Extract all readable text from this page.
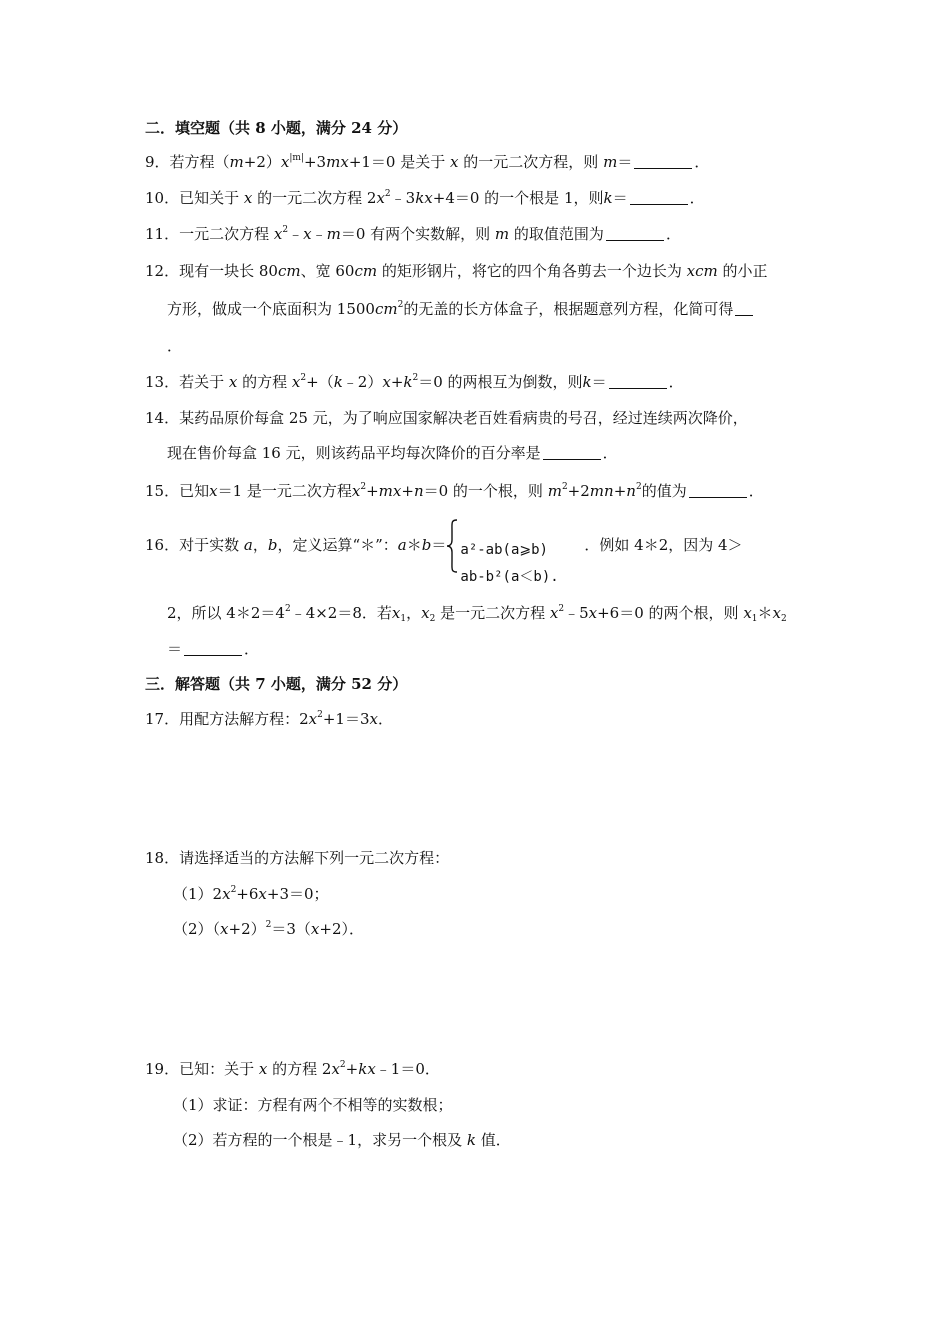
二．填空题（共 8 小题，满分 24 分）
9．若方程$(m+2)x^{|m|}+3mx+1=0$ 是关于 x 的一元二次方程，则 m＝	．
10．已知关于 x 的一元二次方程 $2x^2﹣3kx+4=0$ 的一个根是 1，则k＝	．
11．一元二次方程 $x^2﹣x﹣m=0$ 有两个实数解，则 m 的取值范围为	．
12．现有一块长 80cm、宽 60cm 的矩形钢片，将它的四个角各剪去一个边长为 xcm 的小正
方形，做成一个底面积为 $1500cm^2$的无盖的长方体盒子，根据题意列方程，化简可得
．
13．若关于 x 的方程 $x^2+(k﹣2)x+k^2=0$ 的两根互为倒数，则k＝	．
14．某药品原价每盒 25 元，为了响应国家解决老百姓看病贵的号召，经过连续两次降价，
现在售价每盒 16 元，则该药品平均每次降价的百分率是	．
15．已知x＝1 是一元二次方程$x^2+mx+n=0$ 的一个根，则 $m^2+2mn+n^2$的值为	．
16．对于实数 a，b，定义运算“＊”：a＊b＝ a²-ab(a⩾b)
ab-b²(a＜b).
．例如 4＊2，因为 4＞
2，所以 $4*2=4^2﹣4\times 2=8$．若$x_1$，$x_2$ 是一元二次方程 $x^2﹣5x+6=0$ 的两个根，则 $x_1*x_2$
＝	．
三．解答题（共 7 小题，满分 52 分）
17．用配方法解方程：$2x^2+1=3x$．
18．请选择适当的方法解下列一元二次方程：
$(1)2x^2+6x+3=0$；
$(2)(x+2)^2=3(x+2)$．
19．已知：关于 x 的方程 $2x^2+kx﹣1=0$．
（1）求证：方程有两个不相等的实数根；
（2）若方程的一个根是﹣1，求另一个根及 k 值．
